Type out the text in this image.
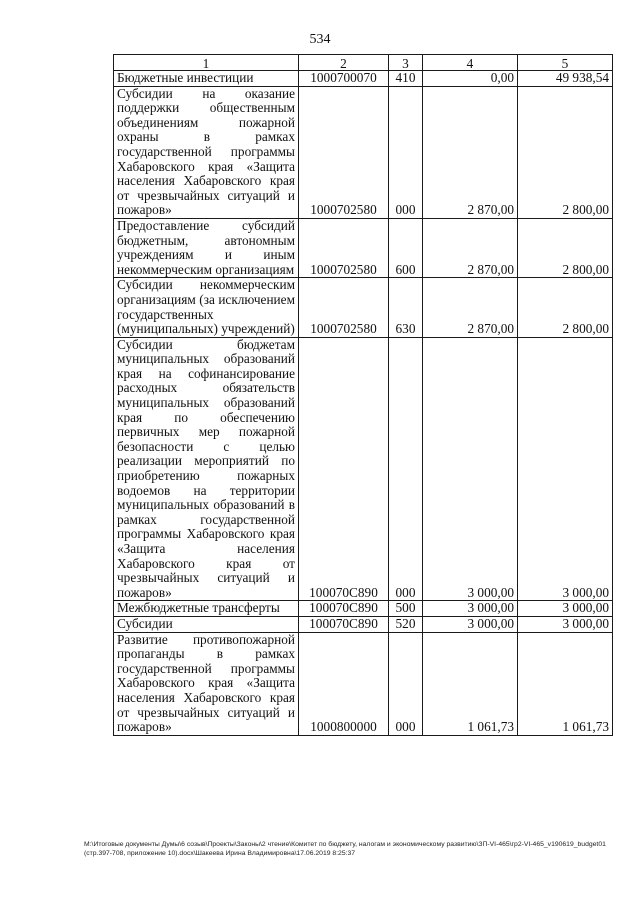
534
1	2	3	4	5
Бюджетные инвестиции	1000700070	410	0,00	49 938,54
Субсидии на оказание поддержки общественным объединениям пожарной охраны в рамках государственной программы Хабаровского края «Защита населения Хабаровского края от чрезвычайных ситуаций и пожаров»	1000702580	000	2 870,00	2 800,00
Предоставление субсидий бюджетным, автономным учреждениям и иным некоммерческим организациям	1000702580	600	2 870,00	2 800,00
Субсидии некоммерческим организациям (за исключением государственных (муниципальных) учреждений)	1000702580	630	2 870,00	2 800,00
Субсидии бюджетам муниципальных образований края на софинансирование расходных обязательств муниципальных образований края по обеспечению первичных мер пожарной безопасности с целью реализации мероприятий по приобретению пожарных водоемов на территории муниципальных образований в рамках государственной программы Хабаровского края «Защита населения Хабаровского края от чрезвычайных ситуаций и пожаров»	100070С890	000	3 000,00	3 000,00
Межбюджетные трансферты	100070С890	500	3 000,00	3 000,00
Субсидии	100070С890	520	3 000,00	3 000,00
Развитие противопожарной пропаганды в рамках государственной программы Хабаровского края «Защита населения Хабаровского края от чрезвычайных ситуаций и пожаров»	1000800000	000	1 061,73	1 061,73
M:\Итоговые документы Думы\6 созыв\Проекты\Законы\2 чтение\Комитет по бюджету, налогам и экономическому развитию\ЗП-VI-465\гр2-VI-465_v190619_budget01 (стр.397-708, приложение 10).docx\Шакеева Ирина Владимировна\17.06.2019 8:25:37
